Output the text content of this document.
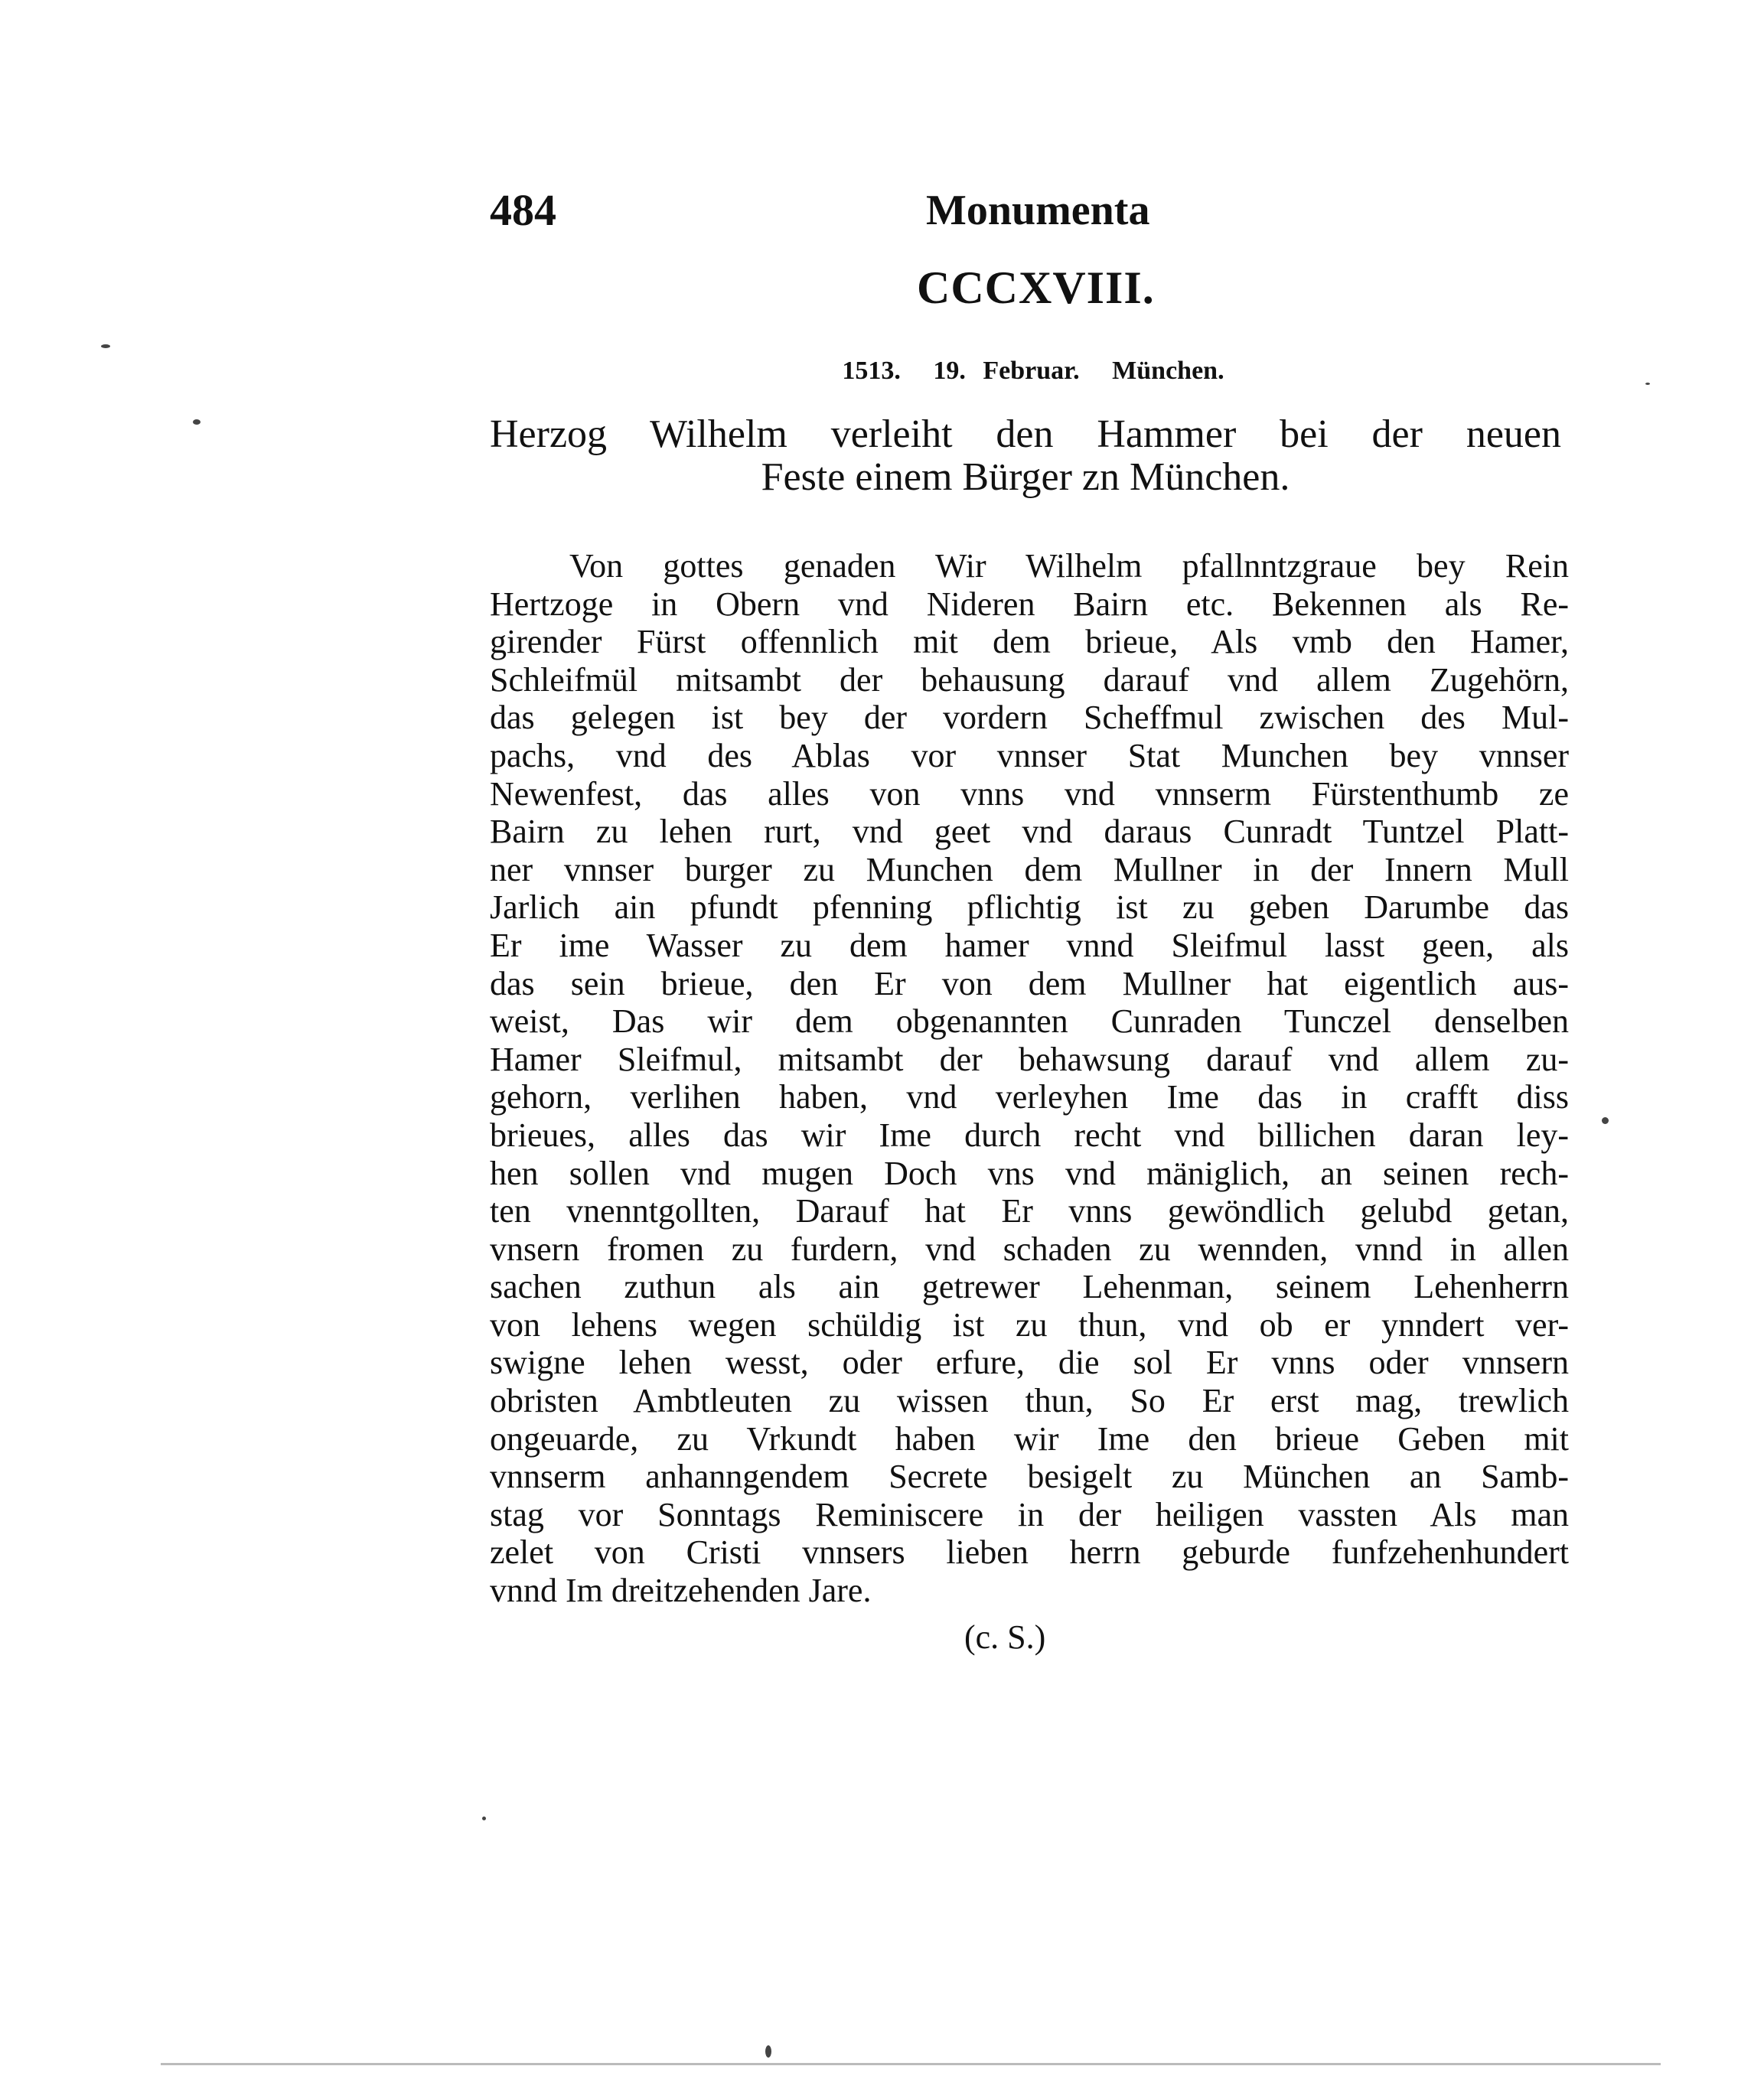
484	Monumenta
CCCXVIII.
1513. 19. Februar. München.
Herzog Wilhelm verleiht den Hammer bei der neuen
Feste einem Bürger zn München.
Von gottes genaden Wir Wilhelm pfallnntzgraue bey Rein
Hertzoge in Obern vnd Nideren Bairn etc. Bekennen als Re-
girender Fürst offennlich mit dem brieue, Als vmb den Hamer,
Schleifmül mitsambt der behausung darauf vnd allem Zugehörn,
das gelegen ist bey der vordern Scheffmul zwischen des Mul-
pachs, vnd des Ablas vor vnnser Stat Munchen bey vnnser
Newenfest, das alles von vnns vnd vnnserm Fürstenthumb ze
Bairn zu lehen rurt, vnd geet vnd daraus Cunradt Tuntzel Platt-
ner vnnser burger zu Munchen dem Mullner in der Innern Mull
Jarlich ain pfundt pfenning pflichtig ist zu geben Darumbe das
Er ime Wasser zu dem hamer vnnd Sleifmul lasst geen, als
das sein brieue, den Er von dem Mullner hat eigentlich aus-
weist, Das wir dem obgenannten Cunraden Tunczel denselben
Hamer Sleifmul, mitsambt der behawsung darauf vnd allem zu-
gehorn, verlihen haben, vnd verleyhen Ime das in crafft diss
brieues, alles das wir Ime durch recht vnd billichen daran ley-
hen sollen vnd mugen Doch vns vnd mäniglich, an seinen rech-
ten vnenntgollten, Darauf hat Er vnns gewöndlich gelubd getan,
vnsern fromen zu furdern, vnd schaden zu wennden, vnnd in allen
sachen zuthun als ain getrewer Lehenman, seinem Lehenherrn
von lehens wegen schüldig ist zu thun, vnd ob er ynndert ver-
swigne lehen wesst, oder erfure, die sol Er vnns oder vnnsern
obristen Ambtleuten zu wissen thun, So Er erst mag, trewlich
ongeuarde, zu Vrkundt haben wir Ime den brieue Geben mit
vnnserm anhanngendem Secrete besigelt zu München an Samb-
stag vor Sonntags Reminiscere in der heiligen vassten Als man
zelet von Cristi vnnsers lieben herrn geburde funfzehenhundert
vnnd Im dreitzehenden Jare.
(c. S.)
